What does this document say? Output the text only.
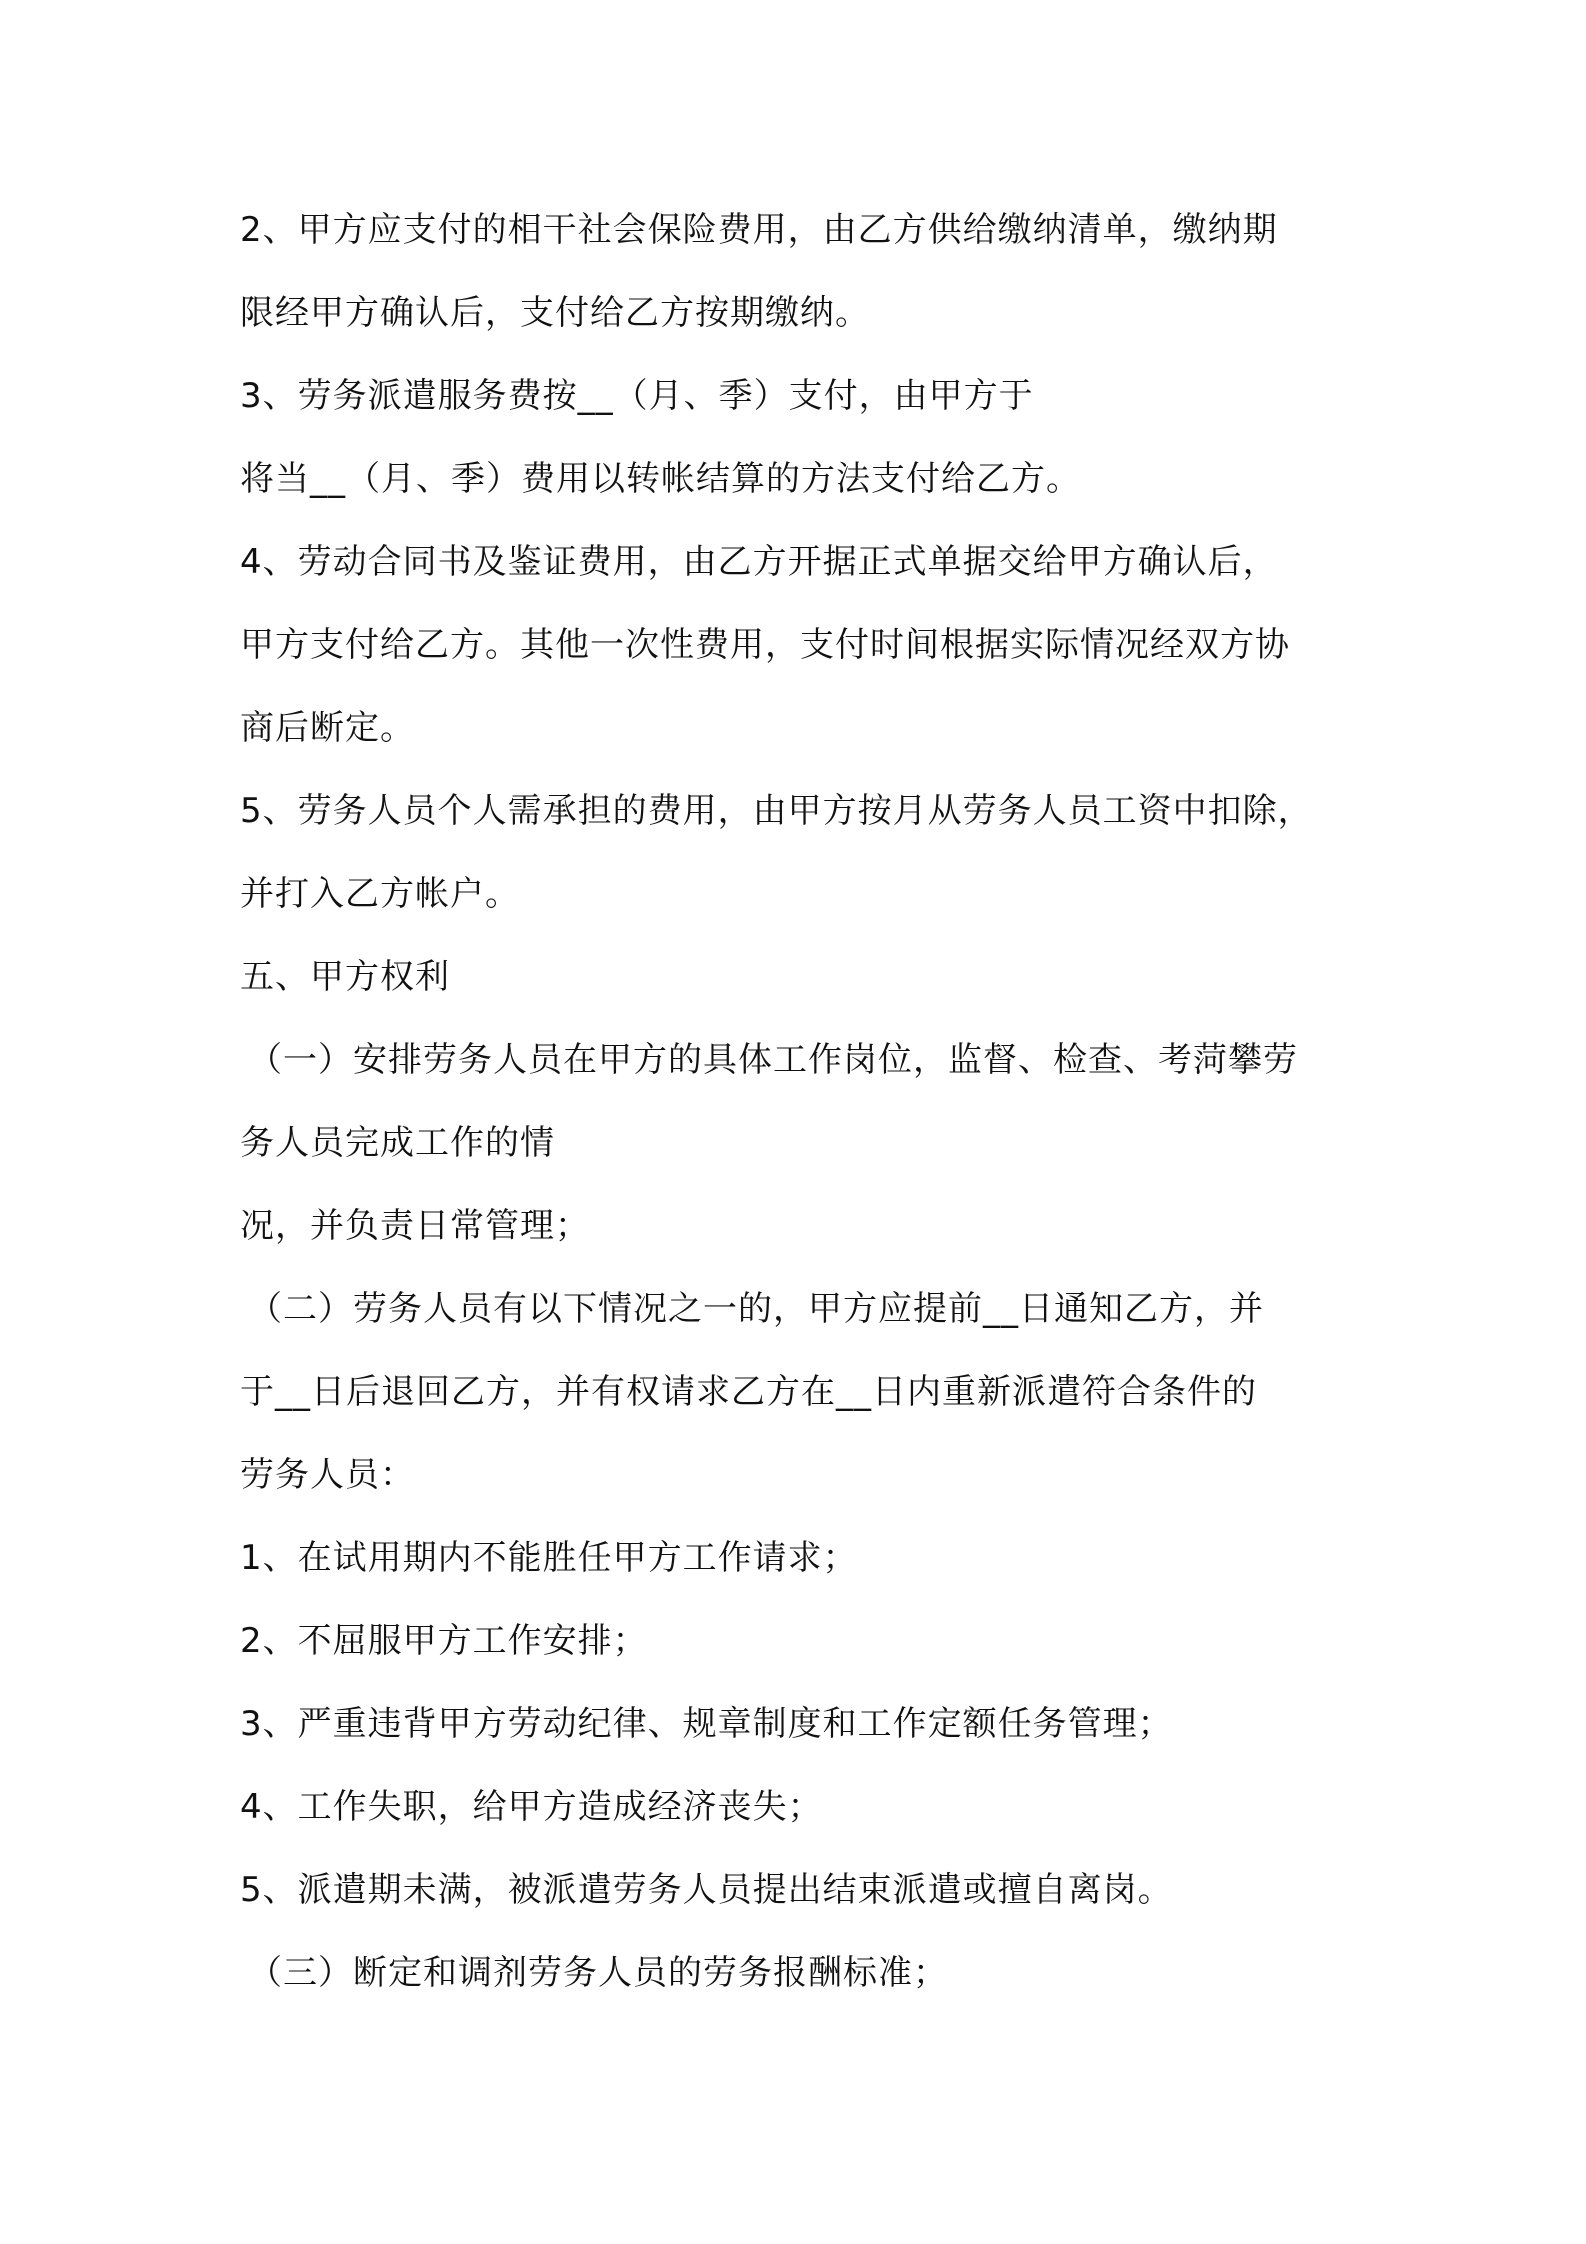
2、甲方应支付的相干社会保险费用，由乙方供给缴纳清单，缴纳期

限经甲方确认后，支付给乙方按期缴纳。

3、劳务派遣服务费按__（月、季）支付，由甲方于

将当__（月、季）费用以转帐结算的方法支付给乙方。

4、劳动合同书及鉴证费用，由乙方开据正式单据交给甲方确认后，

甲方支付给乙方。其他一次性费用，支付时间根据实际情况经双方协

商后断定。

5、劳务人员个人需承担的费用，由甲方按月从劳务人员工资中扣除，

并打入乙方帐户。

五、甲方权利

（一）安排劳务人员在甲方的具体工作岗位，监督、检查、考菏攀劳

务人员完成工作的情

况，并负责日常管理；

（二）劳务人员有以下情况之一的，甲方应提前__日通知乙方，并

于__日后退回乙方，并有权请求乙方在__日内重新派遣符合条件的

劳务人员：

1、在试用期内不能胜任甲方工作请求；

2、不屈服甲方工作安排；

3、严重违背甲方劳动纪律、规章制度和工作定额任务管理；

4、工作失职，给甲方造成经济丧失；

5、派遣期未满，被派遣劳务人员提出结束派遣或擅自离岗。

（三）断定和调剂劳务人员的劳务报酬标准；
